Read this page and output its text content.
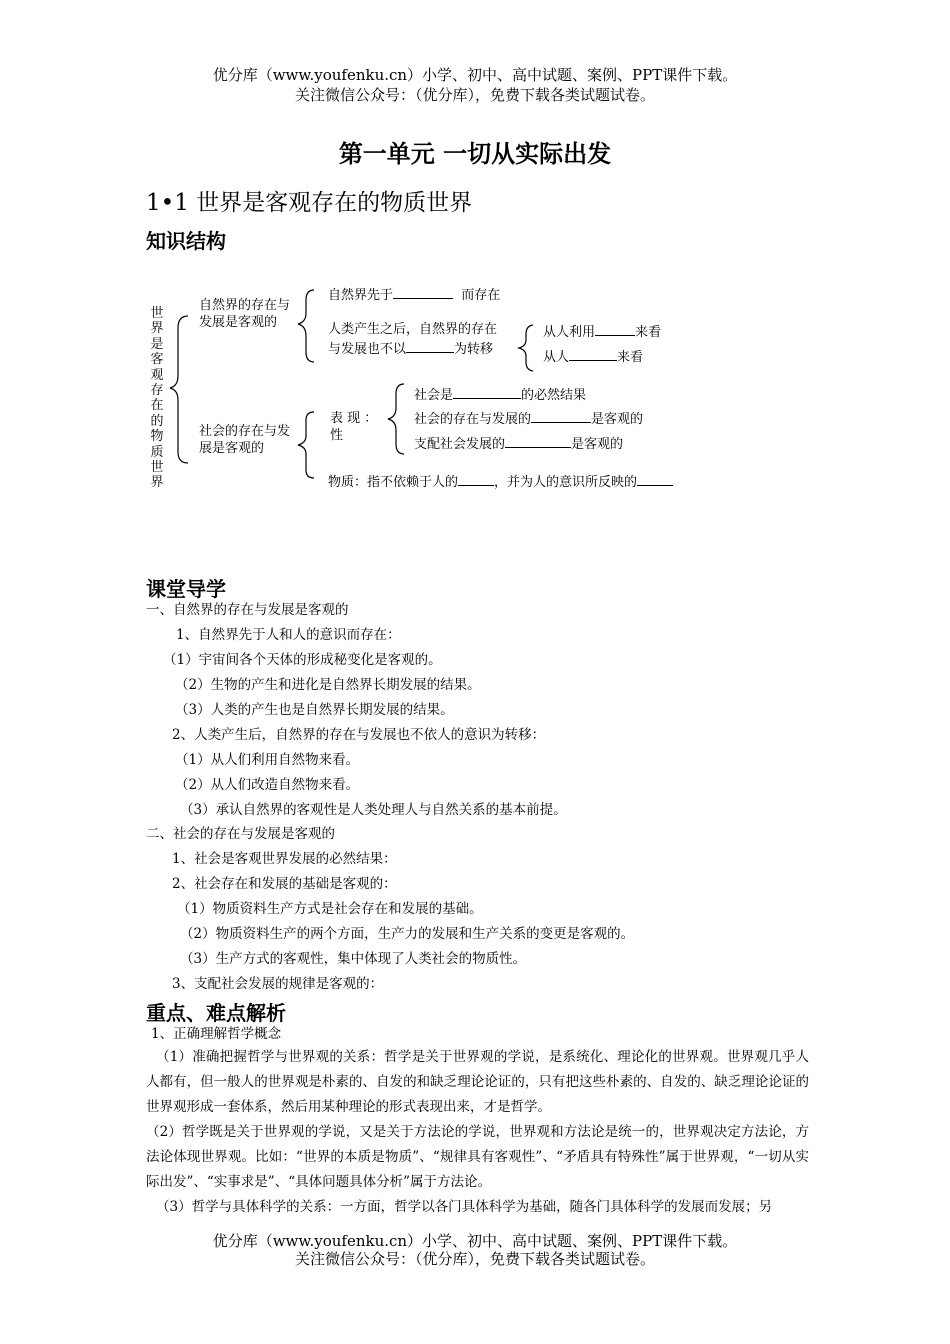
优分库（www.youfenku.cn）小学、初中、高中试题、案例、PPT课件下载。
关注微信公众号：（优分库），免费下载各类试题试卷。
第一单元 一切从实际出发
1•1 世界是客观存在的物质世界
知识结构
世界是客观存在的物质世界
自然界的存在与
发展是客观的
自然界先于	而存在
人类产生之后，自然界的存在
与发展也不以	为转移
从人利用	来看
从人	来看
社会的存在与发
展是客观的
表 现 ：
性
社会是	的必然结果
社会的存在与发展的	是客观的
支配社会发展的	是客观的
物质：指不依赖于人的	，并为人的意识所反映的
课堂导学
一、自然界的存在与发展是客观的
1、自然界先于人和人的意识而存在：
（1）宇宙间各个天体的形成秘变化是客观的。
（2）生物的产生和进化是自然界长期发展的结果。
（3）人类的产生也是自然界长期发展的结果。
2、人类产生后，自然界的存在与发展也不依人的意识为转移：
（1）从人们利用自然物来看。
（2）从人们改造自然物来看。
（3）承认自然界的客观性是人类处理人与自然关系的基本前提。
二、社会的存在与发展是客观的
1、社会是客观世界发展的必然结果：
2、社会存在和发展的基础是客观的：
（1）物质资料生产方式是社会存在和发展的基础。
（2）物质资料生产的两个方面，生产力的发展和生产关系的变更是客观的。
（3）生产方式的客观性，集中体现了人类社会的物质性。
3、支配社会发展的规律是客观的：
重点、难点解析
1、正确理解哲学概念
（1）准确把握哲学与世界观的关系：哲学是关于世界观的学说，是系统化、理论化的世界观。世界观几乎人人都有，但一般人的世界观是朴素的、自发的和缺乏理论论证的，只有把这些朴素的、自发的、缺乏理论论证的世界观形成一套体系，然后用某种理论的形式表现出来，才是哲学。
（2）哲学既是关于世界观的学说，又是关于方法论的学说，世界观和方法论是统一的，世界观决定方法论，方法论体现世界观。比如：“世界的本质是物质”、“规律具有客观性”、“矛盾具有特殊性”属于世界观，“一切从实际出发”、“实事求是”、“具体问题具体分析”属于方法论。
（3）哲学与具体科学的关系：一方面，哲学以各门具体科学为基础，随各门具体科学的发展而发展；另
优分库（www.youfenku.cn）小学、初中、高中试题、案例、PPT课件下载。
关注微信公众号：（优分库），免费下载各类试题试卷。
